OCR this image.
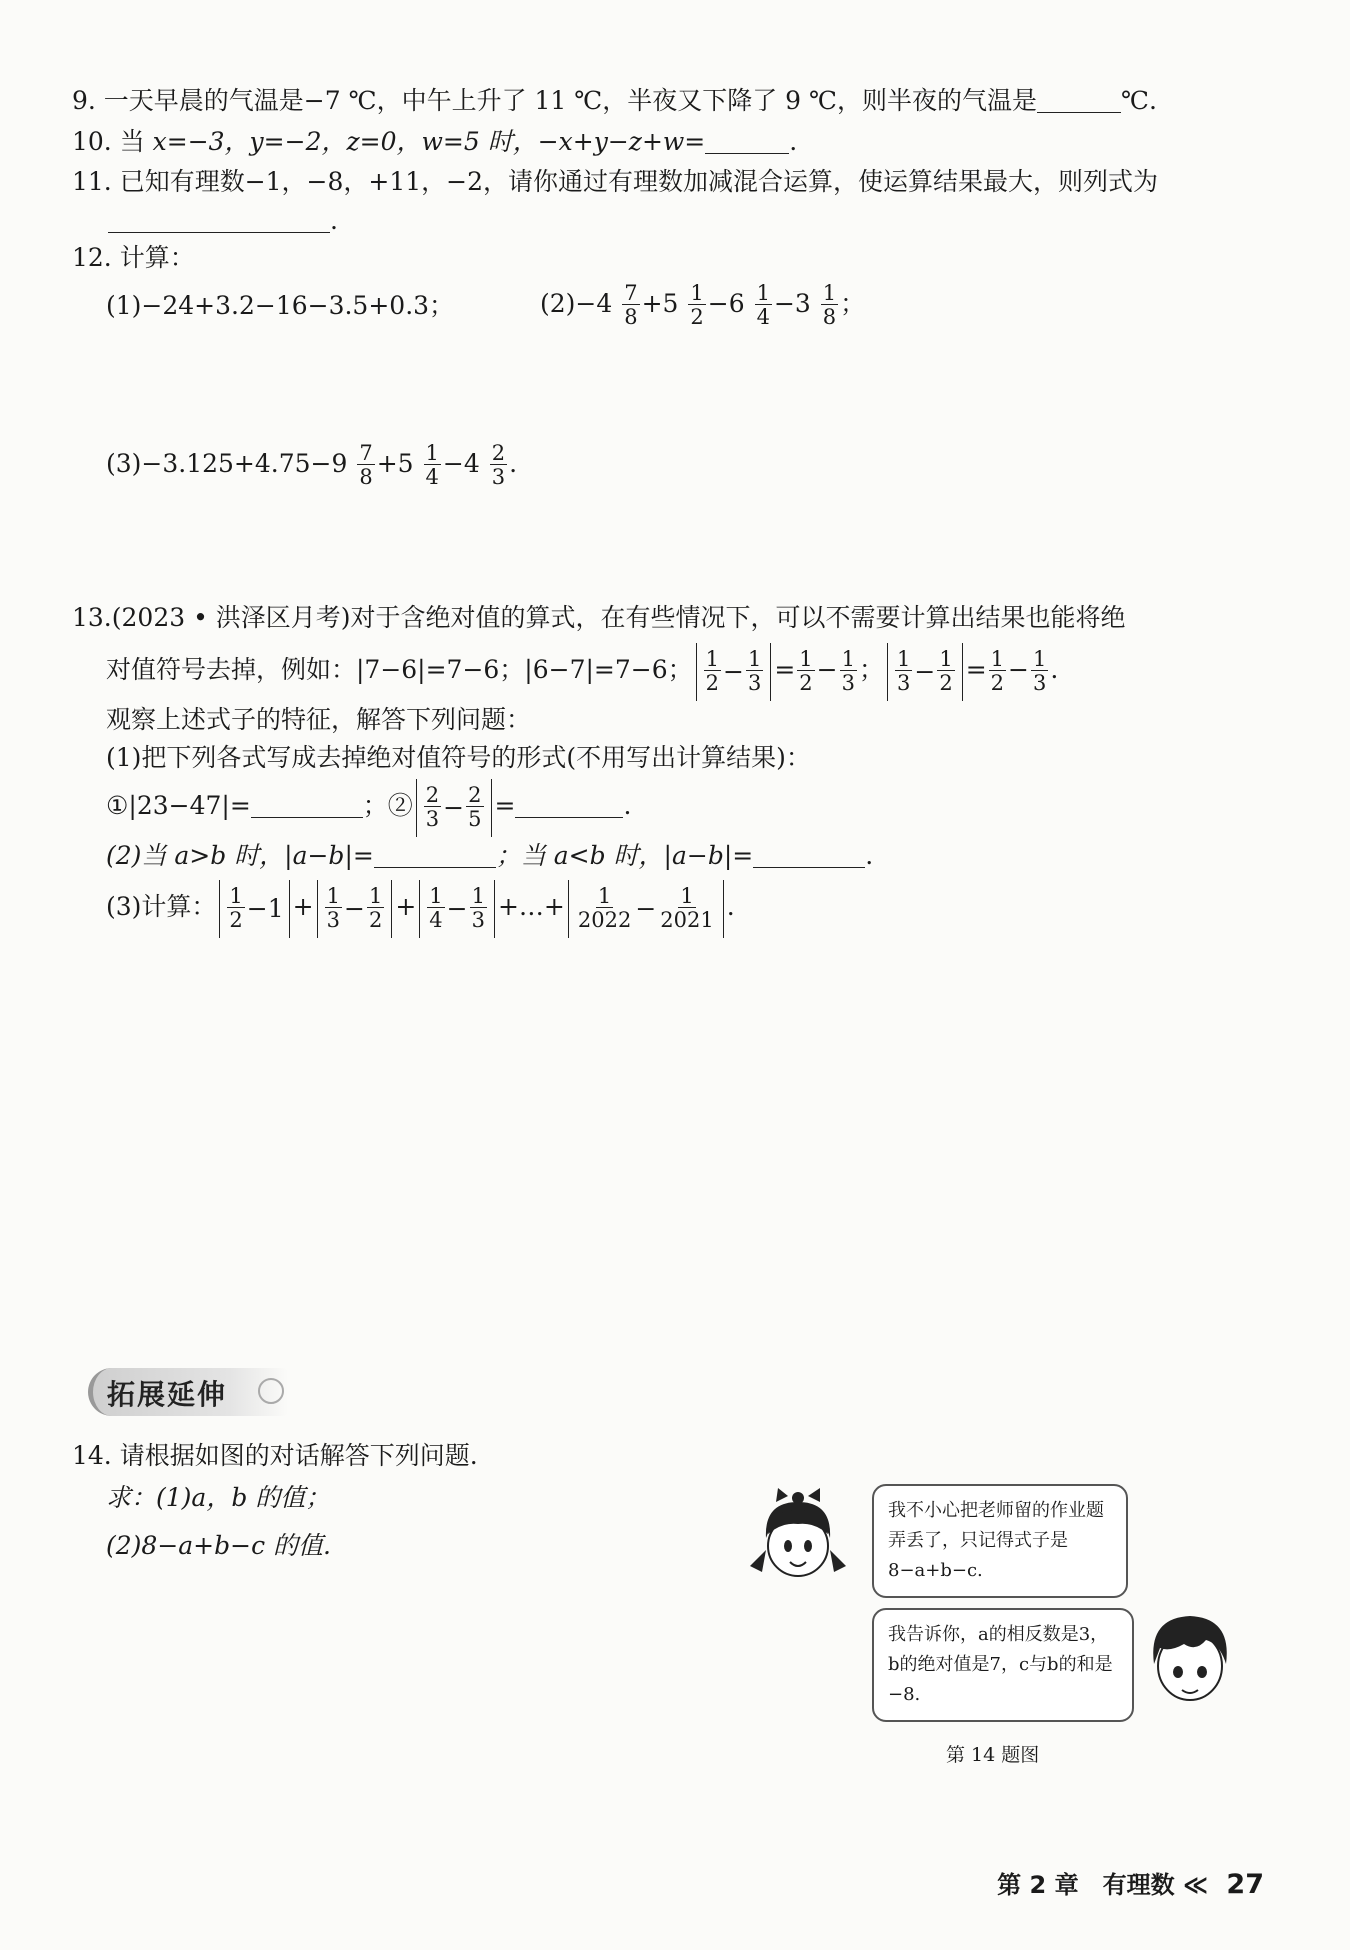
9. 一天早晨的气温是−7 ℃，中午上升了 11 ℃，半夜又下降了 9 ℃，则半夜的气温是	℃.
10. 当 x=−3，y=−2，z=0，w=5 时，−x+y−z+w=	.
11. 已知有理数−1，−8，+11，−2，请你通过有理数加减混合运算，使运算结果最大，则列式为
.
12. 计算：
(1)−24+3.2−16−3.5+0.3；	$(2)-4 \frac{7}{8} +5 \frac{1}{2} -6 \frac{1}{4} -3 \frac{1}{8}$ ；
$(3)-3.125+4.75-9 \frac{7}{8} +5 \frac{1}{4} -4 \frac{2}{3}$ .
13.(2023 • 洪泽区月考)对于含绝对值的算式，在有些情况下，可以不需要计算出结果也能将绝
对值符号去掉，例如：|7−6|=7−6；|6−7|=7−6； $\frac{1}{2} - \frac{1}{3} = \frac{1}{2} - \frac{1}{3}$ ； $\frac{1}{3} - \frac{1}{2} = \frac{1}{2} - \frac{1}{3}$ .
观察上述式子的特征，解答下列问题：
(1)把下列各式写成去掉绝对值符号的形式(不用写出计算结果)：
①|23−47|=	；② $\frac{2}{3} - \frac{2}{5}$ =	.
(2)当 a>b 时，|a−b|=	；当 a<b 时，|a−b|=	.
(3)计算： $\frac{1}{2} -1 + \frac{1}{3} - \frac{1}{2} + \frac{1}{4} - \frac{1}{3}$ +…+ $\frac{1}{2022} - \frac{1}{2021}$ .
拓展延伸
14. 请根据如图的对话解答下列问题.
求：(1)a，b 的值；
(2)8−a+b−c 的值.
我不小心把老师留的作业题弄丢了，只记得式子是8−a+b−c.
我告诉你，a的相反数是3，b的绝对值是7，c与b的和是−8.
第 14 题图
第 2 章　有理数 ≪ 27
